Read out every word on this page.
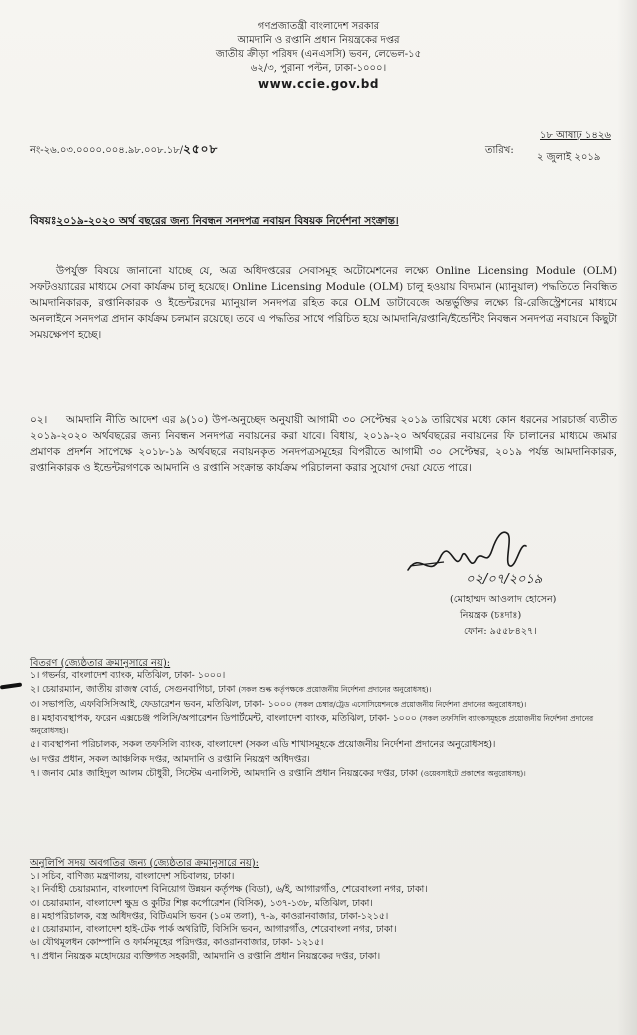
গণপ্রজাতন্ত্রী বাংলাদেশ সরকার
আমদানি ও রপ্তানি প্রধান নিয়ন্ত্রকের দপ্তর
জাতীয় ক্রীড়া পরিষদ (এনএসসি) ভবন, লেভেল-১৫
৬২/৩, পুরানা পল্টন, ঢাকা-১০০০।
www.ccie.gov.bd
নং-২৬.০৩.০০০০.০০৪.৯৮.০০৮.১৮/২৫০৮
১৮ আষাঢ় ১৪২৬
তারিখ:
২ জুলাই ২০১৯
বিষয়ঃ২০১৯-২০২০ অর্থ বছরের জন্য নিবন্ধন সনদপত্র নবায়ন বিষয়ক নির্দেশনা সংক্রান্ত।
উপর্যুক্ত বিষয়ে জানানো যাচ্ছে যে, অত্র অধিদপ্তরের সেবাসমূহ অটোমেশনের লক্ষ্যে Online Licensing Module (OLM) সফটওয়্যারের মাধ্যমে সেবা কার্যক্রম চালু হয়েছে। Online Licensing Module (OLM) চালু হওয়ায় বিদ্যমান (ম্যানুয়াল) পদ্ধতিতে নিবন্ধিত আমদানিকারক, রপ্তানিকারক ও ইন্ডেন্টরদের ম্যানুয়াল সনদপত্র রহিত করে OLM ডাটাবেজে অন্তর্ভুক্তির লক্ষ্যে রি-রেজিস্ট্রেশনের মাধ্যমে অনলাইনে সনদপত্র প্রদান কার্যক্রম চলমান রয়েছে। তবে এ পদ্ধতির সাথে পরিচিত হয়ে আমদানি/রপ্তানি/ইন্ডেন্টিং নিবন্ধন সনদপত্র নবায়নে কিছুটা সময়ক্ষেপণ হচ্ছে।
০২। আমদানি নীতি আদেশ এর ৯(১০) উপ-অনুচ্ছেদ অনুযায়ী আগামী ৩০ সেপ্টেম্বর ২০১৯ তারিখের মধ্যে কোন ধরনের সারচার্জ ব্যতীত ২০১৯-২০২০ অর্থবছরের জন্য নিবন্ধন সনদপত্র নবায়নের করা যাবে। বিধায়, ২০১৯-২০ অর্থবছরের নবায়নের ফি চালানের মাধ্যমে জমার প্রমাণক প্রদর্শন সাপেক্ষে ২০১৮-১৯ অর্থবছরে নবায়নকৃত সনদপত্রসমূহের বিপরীতে আগামী ৩০ সেপ্টেম্বর, ২০১৯ পর্যন্ত আমদানিকারক, রপ্তানিকারক ও ইন্ডেন্টরগণকে আমদানি ও রপ্তানি সংক্রান্ত কার্যক্রম পরিচালনা করার সুযোগ দেয়া যেতে পারে।
০২/০৭/২০১৯
(মোহাম্মদ আওলাদ হোসেন)
নিয়ন্ত্রক (চঃদাঃ)
ফোন: ৯৫৫৮৪২৭।
বিতরণ (জ্যেষ্ঠতার ক্রমানুসারে নয়):
১। গভর্নর, বাংলাদেশ ব্যাংক, মতিঝিল, ঢাকা- ১০০০।
২। চেয়ারম্যান, জাতীয় রাজস্ব বোর্ড, সেগুনবাগিচা, ঢাকা (সকল শুল্ক কর্তৃপক্ষকে প্রয়োজনীয় নির্দেশনা প্রদানের অনুরোধসহ)।
৩। সভাপতি, এফবিসিসিআই, ফেডারেশন ভবন, মতিঝিল, ঢাকা- ১০০০ (সকল চেম্বার/ট্রেড এসোসিয়েশনকে প্রয়োজনীয় নির্দেশনা প্রদানের অনুরোধসহ)।
৪। মহাব্যবস্থাপক, ফরেন এক্সচেঞ্জ পলিসি/অপারেশন ডিপার্টমেন্ট, বাংলাদেশ ব্যাংক, মতিঝিল, ঢাকা- ১০০০ (সকল তফসিলি ব্যাংকসমূহকে প্রয়োজনীয় নির্দেশনা প্রদানের অনুরোধসহ)।
৫। ব্যবস্থাপনা পরিচালক, সকল তফসিলি ব্যাংক, বাংলাদেশ (সকল এডি শাখাসমূহকে প্রয়োজনীয় নির্দেশনা প্রদানের অনুরোধসহ)।
৬। দপ্তর প্রধান, সকল আঞ্চলিক দপ্তর, আমদানি ও রপ্তানি নিয়ন্ত্রণ অধিদপ্তর।
৭। জনাব মোঃ জাহিদুল আলম চৌধুরী, সিস্টেম এনালিস্ট, আমদানি ও রপ্তানি প্রধান নিয়ন্ত্রকের দপ্তর, ঢাকা (ওয়েবসাইটে প্রকাশের অনুরোধসহ)।
অনুলিপি সদয় অবগতির জন্য (জ্যেষ্ঠতার ক্রমানুসারে নয়):
১। সচিব, বাণিজ্য মন্ত্রণালয়, বাংলাদেশ সচিবালয়, ঢাকা।
২। নির্বাহী চেয়ারম্যান, বাংলাদেশ বিনিয়োগ উন্নয়ন কর্তৃপক্ষ (বিডা), ৬/ই, আগারগাঁও, শেরেবাংলা নগর, ঢাকা।
৩। চেয়ারম্যান, বাংলাদেশ ক্ষুদ্র ও কুটির শিল্প কর্পোরেশন (বিসিক), ১৩৭-১৩৮, মতিঝিল, ঢাকা।
৪। মহাপরিচালক, বস্ত্র অধিদপ্তর, বিটিএমসি ভবন (১০ম তলা), ৭-৯, কাওরানবাজার, ঢাকা-১২১৫।
৫। চেয়ারম্যান, বাংলাদেশ হাই-টেক পার্ক অথরিটি, বিসিসি ভবন, আগারগাঁও, শেরেবাংলা নগর, ঢাকা।
৬। যৌথমূলধন কোম্পানি ও ফার্মসমূহের পরিদপ্তর, কাওরানবাজার, ঢাকা- ১২১৫।
৭। প্রধান নিয়ন্ত্রক মহোদয়ের ব্যক্তিগত সহকারী, আমদানি ও রপ্তানি প্রধান নিয়ন্ত্রকের দপ্তর, ঢাকা।
